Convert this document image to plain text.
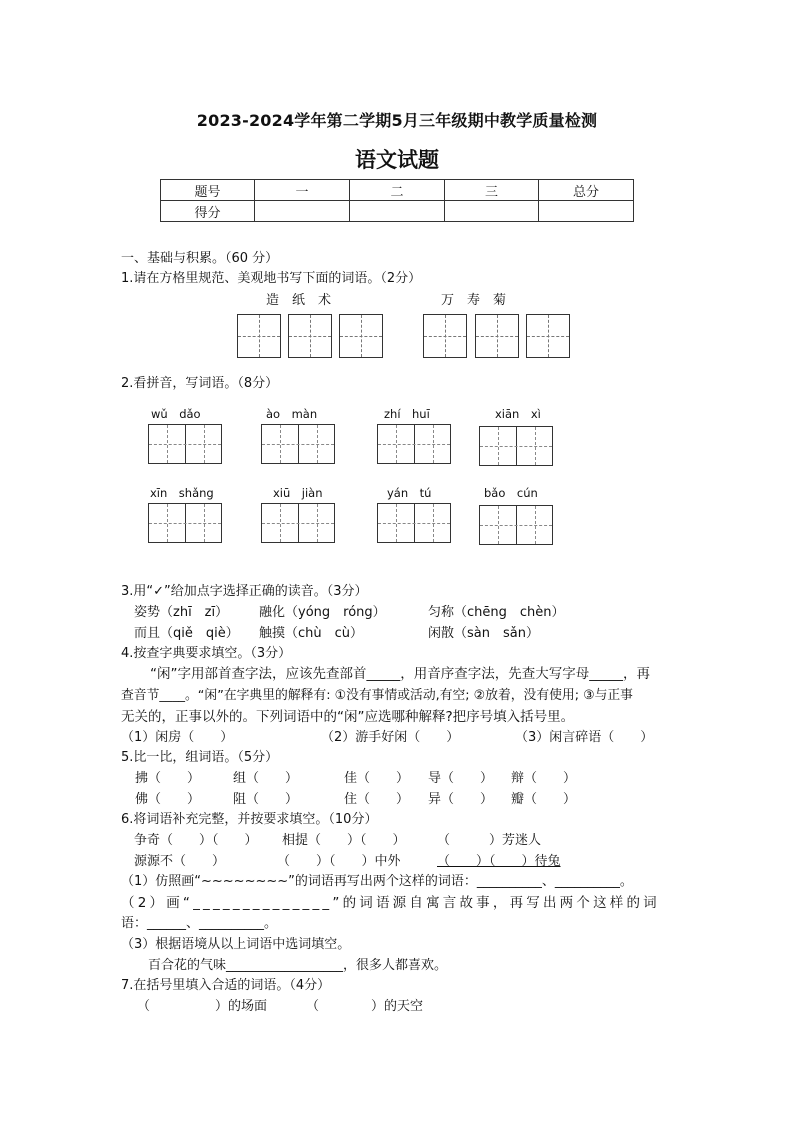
2023-2024学年第二学期5月三年级期中教学质量检测
语文试题
题号	一	二	三	总分
得分				
一、基础与积累。（60 分）
1.请在方格里规范、美观地书写下面的词语。（2分）
造　纸　术	万　寿　菊
2.看拼音，写词语。（8分）
wǔ　dǎo	ào　màn	zhí　huī	xiān　xì
xīn　shǎng	xiū　jiàn	yán　tú	bǎo　cún
3.用“✓”给加点字选择正确的读音。（3分）
姿势（zhī　zī） 融化（yóng　róng）	匀称（chēng　chèn）
而且（qiě　qiè） 触摸（chù　cù）	闲散（sàn　sǎn）
4.按查字典要求填空。（3分）
“闲”字用部首查字法，应该先查部首_____，用音序查字法，先查大写字母_____，再
查音节____。“闲”在字典里的解释有: ①没有事情或活动,有空; ②放着，没有使用; ③与正事
无关的，正事以外的。下列词语中的“闲”应选哪种解释?把序号填入括号里。
（1）闲房（　　）	（2）游手好闲（　　）	（3）闲言碎语（　　）
5.比一比，组词语。（5分）
拂（　　）	组（　　）	佳（　　） 导（　　） 辩（　　）
佛（　　）	阻（　　）	住（　　） 异（　　） 瓣（　　）
6.将词语补充完整，并按要求填空。（10分）
争奇（　　）（　　） 相提（　　）（　　） （　　　）芳迷人
源源不（　　）	（　　）（　　）中外	（　　）（　　）待兔
（1）仿照画“~~~~~~~~”的词语再写出两个这样的词语：__________、__________。
（2）画“______________”的词语源自寓言故事，再写出两个这样的词
语：______、__________。
（3）根据语境从以上词语中选词填空。
百合花的气味__________________，很多人都喜欢。
7.在括号里填入合适的词语。（4分）
（　　　　　）的场面	（　　　　）的天空
